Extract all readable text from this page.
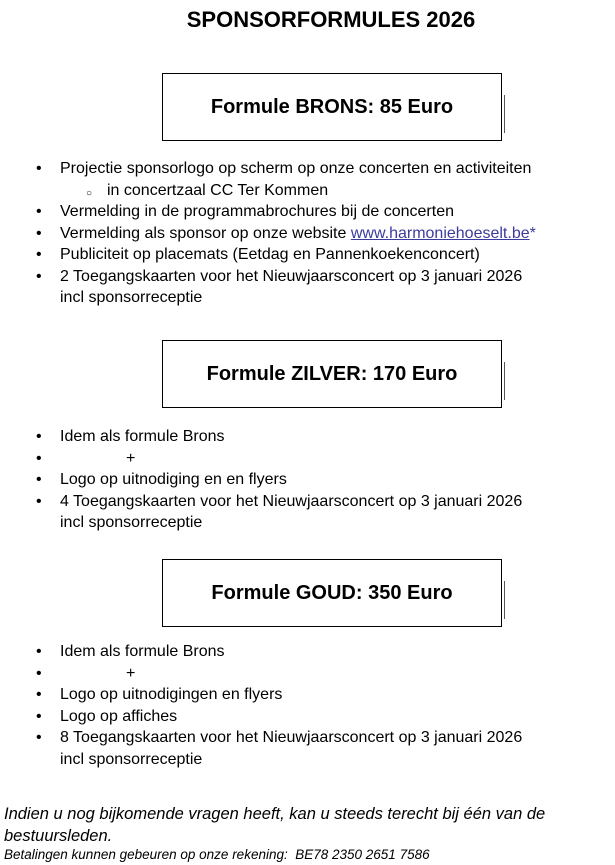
SPONSORFORMULES 2026
Formule BRONS: 85 Euro
• Projectie sponsorlogo op scherm op onze concerten en activiteiten
○ in concertzaal CC Ter Kommen
• Vermelding in de programmabrochures bij de concerten
• Vermelding als sponsor op onze website www.harmoniehoeselt.be*
• Publiciteit op placemats (Eetdag en Pannenkoekenconcert)
• 2 Toegangskaarten voor het Nieuwjaarsconcert op 3 januari 2026
incl sponsorreceptie
Formule ZILVER: 170 Euro
• Idem als formule Brons
• +
• Logo op uitnodiging en en flyers
• 4 Toegangskaarten voor het Nieuwjaarsconcert op 3 januari 2026
incl sponsorreceptie
Formule GOUD: 350 Euro
• Idem als formule Brons
• +
• Logo op uitnodigingen en flyers
• Logo op affiches
• 8 Toegangskaarten voor het Nieuwjaarsconcert op 3 januari 2026
incl sponsorreceptie

Indien u nog bijkomende vragen heeft, kan u steeds terecht bij één van de bestuursleden.

Betalingen kunnen gebeuren op onze rekening:  BE78 2350 2651 7586
